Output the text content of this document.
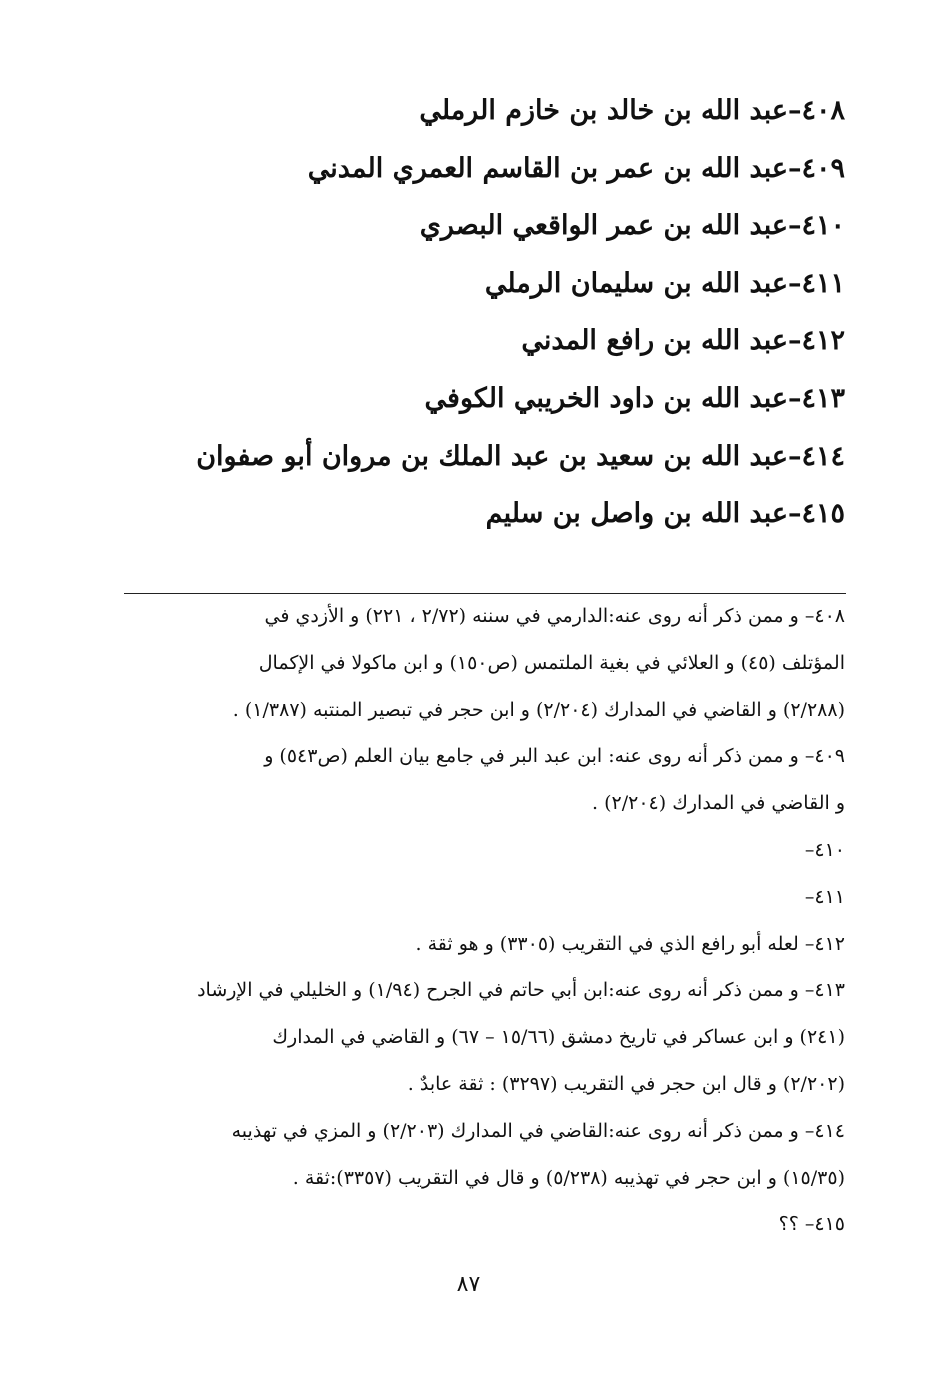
٤٠٨–عبد الله بن خالد بن خازم الرملي
٤٠٩–عبد الله بن عمر بن القاسم العمري المدني
٤١٠–عبد الله بن عمر الواقعي البصري
٤١١–عبد الله بن سليمان الرملي
٤١٢–عبد الله بن رافع المدني
٤١٣–عبد الله بن داود الخريبي الكوفي
٤١٤–عبد الله بن سعيد بن عبد الملك بن مروان أبو صفوان
٤١٥–عبد الله بن واصل بن سليم
٤٠٨– و ممن ذكر أنه روى عنه:الدارمي في سننه (٢/٧٢ ، ٢٢١) و الأزدي في
المؤتلف (٤٥) و العلائي في بغية الملتمس (ص١٥٠) و ابن ماكولا في الإكمال
(٢/٢٨٨) و القاضي في المدارك (٢/٢٠٤) و ابن حجر في تبصير المنتبه (١/٣٨٧) .
٤٠٩– و ممن ذكر أنه روى عنه: ابن عبد البر في جامع بيان العلم (ص٥٤٣) و
و القاضي في المدارك (٢/٢٠٤) .
٤١٠–
٤١١–
٤١٢– لعله أبو رافع الذي في التقريب (٣٣٠٥) و هو ثقة .
٤١٣– و ممن ذكر أنه روى عنه:ابن أبي حاتم في الجرح (١/٩٤) و الخليلي في الإرشاد
(٢٤١) و ابن عساكر في تاريخ دمشق (١٥/٦٦ – ٦٧) و القاضي في المدارك
(٢/٢٠٢) و قال ابن حجر في التقريب (٣٢٩٧) : ثقة عابدٌ .
٤١٤– و ممن ذكر أنه روى عنه:القاضي في المدارك (٢/٢٠٣) و المزي في تهذيبه
(١٥/٣٥) و ابن حجر في تهذيبه (٥/٢٣٨) و قال في التقريب (٣٣٥٧):ثقة .
٤١٥– ؟؟
٨٧
